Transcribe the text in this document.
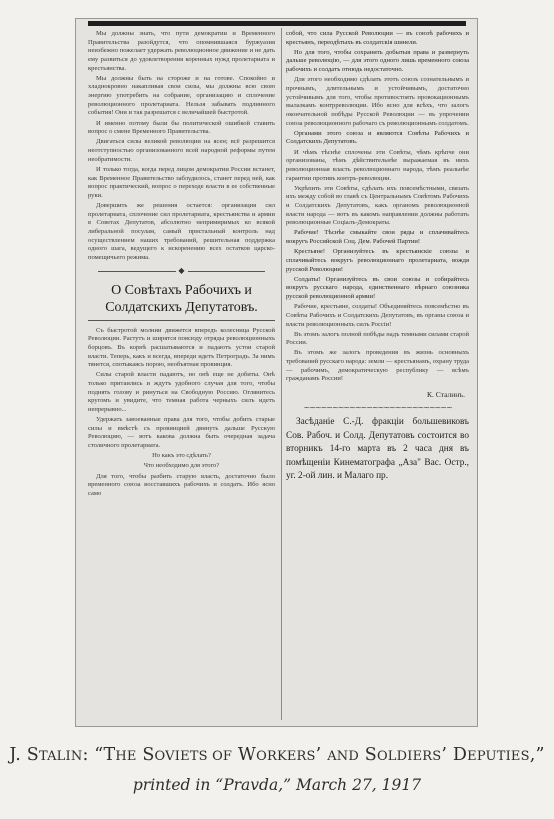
Мы должны знать, что пути демократии и Временного Правительства разойдутся, что опомнившаяся буржуазия неизбежно пожелает удержать революционное движение и не дать ему развиться до удовлетворения коренных нужд пролетариата и крестьянства.

Мы должны быть на стороже и на готове. Спокойно и хладнокровно накапливая свои силы, мы должны всю свою энергию употребить на собрание, организацию и сплочение революционного пролетариата. Нельзя забывать подлинного события! Они и так разрешатся с величайшей быстротой.

И именно потому были бы политической ошибкой ставить вопрос о смене Временного Правительства.

Двигаться силы великой революции на ясен; всё разрешится неотступностью организованного всей народной реформы путем необратимости.

И только тогда, когда перед лицом демократии России встанет, как Временное Правительство заблудилось, станет перед ней, как вопрос практический, вопрос о переходе власти в ее собственные руки.

Довершить же решения остается: организация сил пролетариата, сплочение сил пролетариата, крестьянства и армии в Советах Депутатов, абсолютно непримиримых ко всякой либеральной посулам, самый пристальный контроль над осуществлением наших требований, решительная поддержка одного шага, ведущего к искоренению всех остатков царско-помещичьего режима.

◆
О Совѣтахъ Рабочихъ и Солдатскихъ Депутатовъ.

Съ быстротой молнии движется впередъ колесница Русской Революции. Растутъ и ширятся повсюду отряды революционныхъ борцовъ. Въ корнѣ расшатываются и падаютъ устои старой власти. Теперь, какъ и всегда, впереди идетъ Петроградъ. За нимъ тянется, спотыкаясь порою, необъятная провинция.

Силы старой власти падаютъ, но онѣ еще не добиты. Онѣ только притаились и ждутъ удобного случая для того, чтобы поднять голову и ринуться на Свободную Россию. Оглянитесь кругомъ и увидите, что темная работа черныхъ силъ идетъ непрерывно...

Удержать завоеванные права для того, чтобы добить старые силы и вмѣстѣ съ провинцией двинуть дальше Русскую Революцию, — вотъ какова должна быть очередная задача столичного пролетариата.

Но какъ это сдѣлать?

Что необходимо для этого?

Для того, чтобы разбить старую власть, достаточно было временного союза восставшихъ рабочихъ и солдатъ. Ибо ясно само

собой, что сила Русской Революции — въ союзѣ рабочихъ и крестьянъ, переодѣтыхъ въ солдатскія шинели.

Но для того, чтобы сохранить добытыя права и развернуть дальше революцію, — для этого одного лишь временного союза рабочихъ и солдатъ отнюдь недостаточно.

Для этого необходимо сдѣлать этотъ союзъ сознательнымъ и прочнымъ, длительнымъ и устойчивымъ, достаточно устойчивымъ для того, чтобы противостоять провокационнымъ вылазкамъ контрреволюции. Ибо ясно для всѣхъ, что залогъ окончательной побѣды Русской Революции — въ упрочении союза революционного рабочаго съ революционнымъ солдатомъ.

Органами этого союза и являются Совѣты Рабочихъ и Солдатскихъ Депутатовъ.

И чѣмъ тѣснѣе сплочены эти Совѣты, чѣмъ крѣпче они организованы, тѣмъ дѣйствительнѣе выражаемая въ нихъ революционная власть революционнаго народа, тѣмъ реальнѣе гарантии противъ контръ-революции.

Укрѣпить эти Совѣты, сдѣлать ихъ повсемѣстными, связать ихъ между собой во главѣ съ Центральнымъ Совѣтомъ Рабочихъ и Солдатскихъ Депутатовъ, какъ органомъ революционной власти народа — вотъ въ какомъ направлении должны работать революционные Соціалъ-Демократы.

Рабочие! Тѣснѣе смыкайте свои ряды и сплачивайтесь вокругъ Российской Соц. Дем. Рабочей Партии!

Крестьяне! Организуйтесь въ крестьянскіе союзы и сплачивайтесь вокругъ революционнаго пролетариата, вождя русской Революции!

Солдаты! Организуйтесь въ свои союзы и собирайтесь вокругъ русскаго народа, единственнаго вѣрнаго союзника русской революционной армии!

Рабочие, крестьяне, солдаты! Объединяйтесь повсемѣстно въ Совѣты Рабочихъ и Солдатскихъ Депутатовъ, въ органы союза и власти революционныхъ силъ Россіи!

Въ этомъ залогъ полной побѣды надъ темными силами старой России.

Въ этомъ же залогъ проведения въ жизнь основныхъ требований русскаго народа: земли — крестьянамъ, охрану труда — рабочимъ, демократическую республику — всѣмъ гражданамъ России!

К. Сталинъ.
~~~~~~~~~~~~~~~~~~~~~~~~~~
Засѣданіе С.-Д. фракціи большевиковъ Сов. Рабоч. и Солд. Депутатовъ состоится во вторникъ 14-го марта въ 2 часа дня въ помѣщеніи Кинематографа „Аза" Вас. Остр., уг. 2-ой лин. и Малаго пр.
J. STALIN: “THE SOVIETS OF WORKERS’ AND SOLDIERS’ DEPUTIES,”
printed in “Pravda,” March 27, 1917
